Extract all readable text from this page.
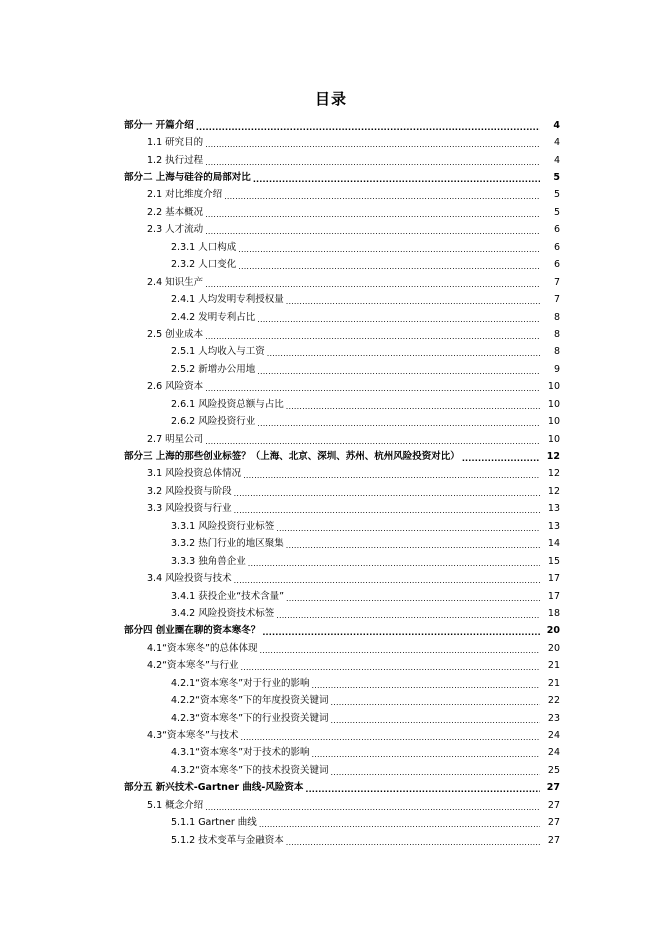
目录
部分一 开篇介绍 .....	4
1.1 研究目的 .....	4
1.2 执行过程 .....	4
部分二 上海与硅谷的局部对比 .....	5
2.1 对比维度介绍 .....	5
2.2 基本概况 .....	5
2.3 人才流动 .....	6
2.3.1 人口构成 .....	6
2.3.2 人口变化 .....	6
2.4 知识生产 .....	7
2.4.1 人均发明专利授权量 .....	7
2.4.2 发明专利占比 .....	8
2.5 创业成本 .....	8
2.5.1 人均收入与工资 .....	8
2.5.2 新增办公用地 .....	9
2.6 风险资本 .....	10
2.6.1 风险投资总额与占比 .....	10
2.6.2 风险投资行业 .....	10
2.7 明星公司 .....	10
部分三 上海的那些创业标签？（上海、北京、深圳、苏州、杭州风险投资对比） .....	12
3.1 风险投资总体情况 .....	12
3.2 风险投资与阶段 .....	12
3.3 风险投资与行业 .....	13
3.3.1 风险投资行业标签 .....	13
3.3.2 热门行业的地区聚集 .....	14
3.3.3 独角兽企业 .....	15
3.4 风险投资与技术 .....	17
3.4.1 获投企业“技术含量” .....	17
3.4.2 风险投资技术标签 .....	18
部分四 创业圈在聊的资本寒冬？ .....	20
4.1“资本寒冬”的总体体现 .....	20
4.2“资本寒冬”与行业 .....	21
4.2.1“资本寒冬”对于行业的影响 .....	21
4.2.2“资本寒冬”下的年度投资关键词 .....	22
4.2.3“资本寒冬”下的行业投资关键词 .....	23
4.3“资本寒冬”与技术 .....	24
4.3.1“资本寒冬”对于技术的影响 .....	24
4.3.2“资本寒冬”下的技术投资关键词 .....	25
部分五 新兴技术-Gartner 曲线-风险资本 .....	27
5.1 概念介绍 .....	27
5.1.1 Gartner 曲线 .....	27
5.1.2 技术变革与金融资本 .....	27
